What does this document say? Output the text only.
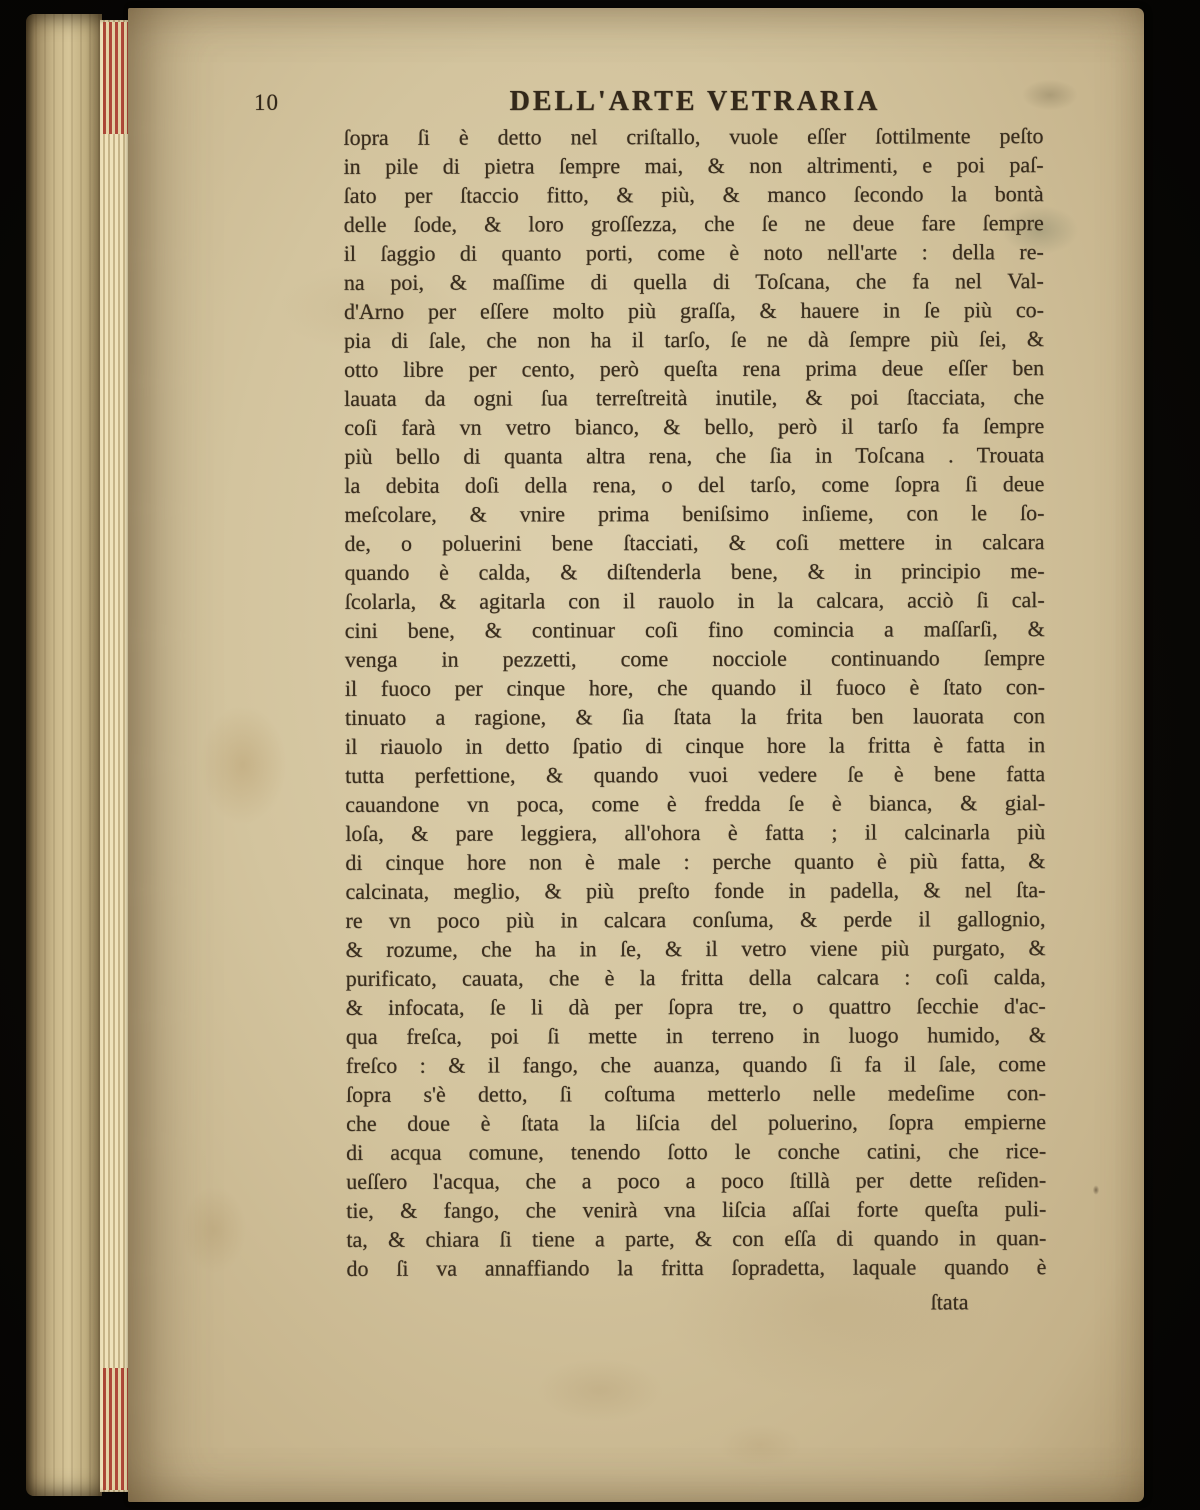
10	DELL'ARTE VETRARIA
ſopra ſi è detto nel criſtallo, vuole eſſer ſottilmente peſto
in pile di pietra ſempre mai, & non altrimenti, e poi paſ-
ſato per ſtaccio fitto, & più, & manco ſecondo la bontà
delle ſode, & loro groſſezza, che ſe ne deue fare ſempre
il ſaggio di quanto porti, come è noto nell'arte : della re-
na poi, & maſſime di quella di Toſcana, che fa nel Val-
d'Arno per eſſere molto più graſſa, & hauere in ſe più co-
pia di ſale, che non ha il tarſo, ſe ne dà ſempre più ſei, &
otto libre per cento, però queſta rena prima deue eſſer ben
lauata da ogni ſua terreſtreità inutile, & poi ſtacciata, che
coſi farà vn vetro bianco, & bello, però il tarſo fa ſempre
più bello di quanta altra rena, che ſia in Toſcana . Trouata
la debita doſi della rena, o del tarſo, come ſopra ſi deue
meſcolare, & vnire prima beniſsimo inſieme, con le ſo-
de, o poluerini bene ſtacciati, & coſi mettere in calcara
quando è calda, & diſtenderla bene, & in principio me-
ſcolarla, & agitarla con il rauolo in la calcara, acciò ſi cal-
cini bene, & continuar coſi fino comincia a maſſarſi, &
venga in pezzetti, come nocciole continuando ſempre
il fuoco per cinque hore, che quando il fuoco è ſtato con-
tinuato a ragione, & ſia ſtata la frita ben lauorata con
il riauolo in detto ſpatio di cinque hore la fritta è fatta in
tutta perfettione, & quando vuoi vedere ſe è bene fatta
cauandone vn poca, come è fredda ſe è bianca, & gial-
loſa, & pare leggiera, all'ohora è fatta ; il calcinarla più
di cinque hore non è male : perche quanto è più fatta, &
calcinata, meglio, & più preſto fonde in padella, & nel ſta-
re vn poco più in calcara conſuma, & perde il gallognio,
& rozume, che ha in ſe, & il vetro viene più purgato, &
purificato, cauata, che è la fritta della calcara : coſi calda,
& infocata, ſe li dà per ſopra tre, o quattro ſecchie d'ac-
qua freſca, poi ſi mette in terreno in luogo humido, &
freſco : & il fango, che auanza, quando ſi fa il ſale, come
ſopra s'è detto, ſi coſtuma metterlo nelle medeſime con-
che doue è ſtata la liſcia del poluerino, ſopra empierne
di acqua comune, tenendo ſotto le conche catini, che rice-
ueſſero l'acqua, che a poco a poco ſtillà per dette reſiden-
tie, & fango, che venirà vna liſcia aſſai forte queſta puli-
ta, & chiara ſi tiene a parte, & con eſſa di quando in quan-
do ſi va annaffiando la fritta ſopradetta, laquale quando è
ſtata
